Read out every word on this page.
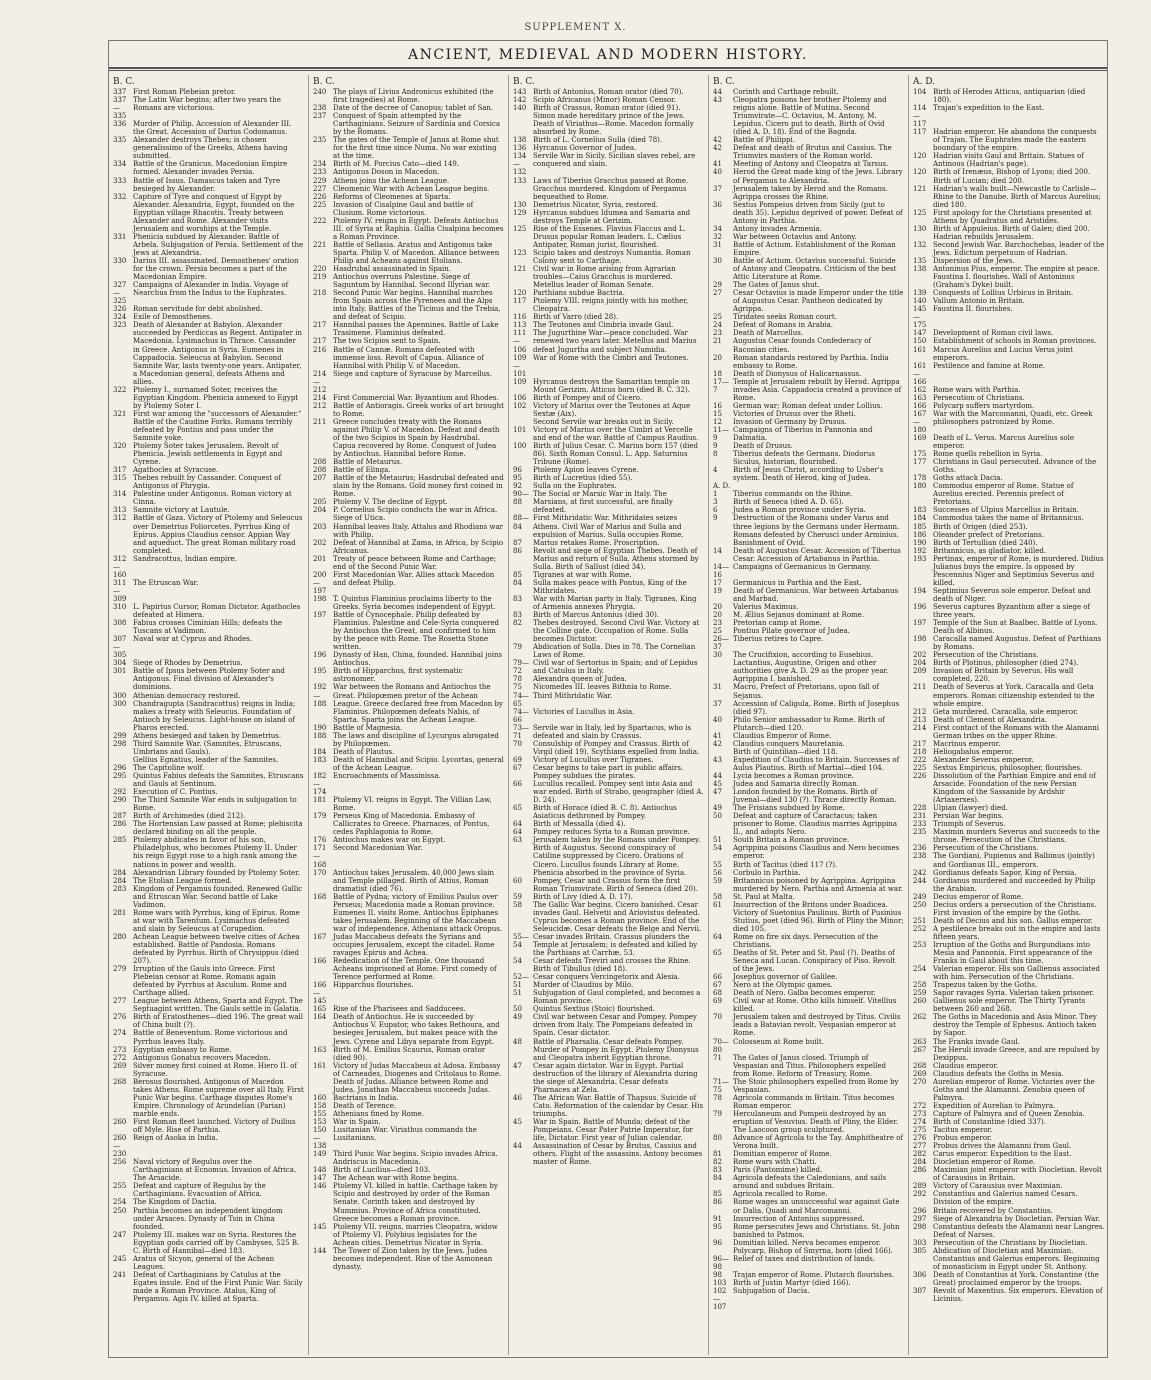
SUPPLEMENT X.
ANCIENT, MEDIEVAL AND MODERN HISTORY.
B. C.
337 First Roman Plebeian pretor.
337—335
The Latin War begins; after two years the Romans are victorious.
336 Murder of Philip. Accession of Alexander III. the Great. Accession of Darius Codomanus.
335 Alexander destroys Thebes; is chosen generalissimo of the Greeks, Athens having submitted.
334 Battle of the Granicus. Macedonian Empire formed. Alexander invades Persia.
333 Battle of Issus. Damascus taken and Tyre besieged by Alexander.
332 Capture of Tyre and conquest of Egypt by Alexander. Alexandria, Egypt, founded on the Egyptian village Rhacotis. Treaty between Alexander and Rome. Alexander visits Jerusalem and worships at the Temple.
331 Phenicia subdued by Alexander. Battle of Arbela. Subjugation of Persia. Settlement of the Jews at Alexandria.
330 Darius III. assassinated. Demosthenes' oration for the crown. Persia becomes a part of the Macedonian Empire.
327—325
Campaigns of Alexander in India. Voyage of Nearchus from the Indus to the Euphrates.
326 Roman servitude for debt abolished.
324 Exile of Demosthenes.
323 Death of Alexander at Babylon. Alexander succeeded by Perdiccas as Regent. Antipater in Macedonia. Lysimachus in Thrace. Cassander in Greece. Antigonus in Syria. Eumenes in Cappadocia. Seleucus at Babylon. Second Samnite War, lasts twenty-one years. Antipater, a Macedonian general, defeats Athens and allies.
322 Ptolemy I., surnamed Soter, receives the Egyptian Kingdom. Phenicia annexed to Egypt by Ptolemy Soter I.
321 First war among the "successors of Alexander." Battle of the Caudine Forks. Romans terribly defeated by Pontius and pass under the Samnite yoke.
320 Ptolemy Soter takes Jerusalem. Revolt of Phenicia. Jewish settlements in Egypt and Cyrene.
317 Agathocles at Syracuse.
315 Thebes rebuilt by Cassander. Conquest of Antigonus of Phrygia.
314 Palestine under Antigonus. Roman victory at Cinna.
313 Samnite victory at Lautule.
312 Battle of Gaza. Victory of Ptolemy and Seleucus over Demetrius Poliorcetes. Pyrrhus King of Epirus. Appius Claudius censor. Appian Way and aqueduct. The great Roman military road completed.
312—160
Sandracottus, Indian empire.
311—309
The Etruscan War.
310 L. Papirius Cursor, Roman Dictator. Agathocles defeated at Himera.
308 Fabius crosses Ciminian Hills; defeats the Tuscans at Vadimon.
307—305
Naval war at Cyprus and Rhodes.
304 Siege of Rhodes by Demetrius.
301 Battle of Ipsus between Ptolemy Soter and Antigonus. Final division of Alexander's dominions.
300 Athenian democracy restored.
300 Chandragupta (Sandracottus) reigns in India; makes a treaty with Seleucus. Foundation of Antioch by Seleucus. Light-house on island of Pharos erected.
299 Athens besieged and taken by Demetrius.
298 Third Samnite War. (Samnites, Etruscans, Umbrians and Gauls).
Gellius Egnatius, leader of the Samnites.
296 The Capitoline wolf.
295 Quintus Fabius defeats the Samnites, Etruscans and Gauls at Sentinum.
292 Execution of C. Pontius.
290 The Third Samnite War ends in subjugation to Rome.
287 Birth of Archimedes (died 212).
286 The Hortensian Law passed at Rome; plebiscita declared binding on all the people.
285 Ptolemy abdicates in favor of his son, Philadelphus, who becomes Ptolemy II. Under his reign Egypt rose to a high rank among the nations in power and wealth.
284 Alexandrian Library founded by Ptolemy Soter.
284 The Etolian League formed.
283 Kingdom of Pergamus founded. Renewed Gallic and Etruscan War. Second battle of Lake Vadimon.
281 Rome wars with Pyrrhus, king of Epirus. Rome at war with Tarentum. Lysimachus defeated and slain by Seleucus at Corupedion.
280 Achean League between twelve cities of Achea established. Battle of Pandosia. Romans defeated by Pyrrhus. Birth of Chrysippus (died 207).
279 Irruption of the Gauls into Greece. First Plebeian censor at Rome. Romans again defeated by Pyrrhus at Asculum. Rome and Carthage allied.
277 League between Athens, Sparta and Egypt. The Septuagint written. The Gauls settle in Galatia.
276 Birth of Eratosthenes—died 196. The great wall of China built (?).
274 Battle of Beneventum. Rome victorious and Pyrrhus leaves Italy.
273 Egyptian embassy to Rome.
272 Antigonus Gonatus recovers Macedon.
269 Silver money first coined at Rome. Hiero II. of Syracuse.
268 Berosus flourished. Antigonus of Macedon takes Athens. Rome supreme over all Italy. First Punic War begins. Carthage disputes Rome's Empire. Chronology of Arundelian (Parian) marble ends.
260 First Roman fleet launched. Victory of Duilius off Myle. Rise of Parthia.
260—230
Reign of Asoka in India.
256 Naval victory of Regulus over the Carthaginians at Ecnomus. Invasion of Africa. The Arsacide.
255 Defeat and capture of Regulus by the Carthaginians. Evacuation of Africa.
254 The Kingdom of Dactia.
250 Parthia becomes an independent kingdom under Arsaces. Dynasty of Tsin in China founded.
247 Ptolemy III. makes war on Syria. Restores the Egyptian gods carried off by Cambyses, 525 B. C. Birth of Hannibal—died 183.
245 Aratus of Sicyon, general of the Achean Leagues.
241 Defeat of Carthaginians by Catulus at the Egates insule. End of the First Punic War. Sicily made a Roman Province. Atalus, King of Pergamus. Agis IV. killed at Sparta.
B. C.
240 The plays of Livius Andronicus exhibited (the first tragedies) at Rome.
238 Date of the decree of Canopus; tablet of San.
237 Conquest of Spain attempted by the Carthaginians. Seizure of Sardinia and Corsica by the Romans.
235 The gates of the Temple of Janus at Rome shut for the first time since Numa. No war existing at the time.
234 Birth of M. Porcius Cato—died 149.
233 Antigonus Doson in Macedon.
229 Athens joins the Achean League.
227 Cleomenic War with Achean League begins.
226 Reforms of Cleomenes at Sparta.
225 Invasion of Cisalpine Gaul and battle of Clusium. Rome victorious.
222 Ptolemy IV. reigns in Egypt. Defeats Antiochus III. of Syria at Raphia. Gallia Cisalpina becomes a Roman Province.
221 Battle of Sellasia. Aratus and Antigonus take Sparta. Philip V. of Macedon. Alliance between Philip and Acheans against Etolians.
220 Hasdrubal assassinated in Spain.
219 Antiochus overruns Palestine. Siege of Saguntum by Hannibal. Second Illyrian war.
218 Second Punic War begins. Hannibal marches from Spain across the Pyrenees and the Alps into Italy. Battles of the Ticinus and the Trebia, and defeat of Scipio.
217 Hannibal passes the Apennines. Battle of Lake Trasimene. Flaminius defeated.
217 The two Scipios sent to Spain.
216 Battle of Cannæ. Romans defeated with immense loss. Revolt of Capua. Alliance of Hannibal with Philip V. of Macedon.
214—212
Siege and capture of Syracuse by Marcellus.
214 First Commercial War. Byzantium and Rhodes.
212 Battle of Antioragis. Greek works of art brought to Rome.
211 Greece concludes treaty with the Romans against Philip V. of Macedon. Defeat and death of the two Scipios in Spain by Hasdrubal. Capua recovered by Rome. Conquest of Judea by Antiochus. Hannibal before Rome.
208 Battle of Metaurus.
208 Battle of Elinga.
207 Battle of the Metaurus; Hasdrubal defeated and slain by the Romans. Gold money first coined in Rome.
205 Ptolemy V. The decline of Egypt.
204 P. Cornelius Scipio conducts the war in Africa. Siege of Utica.
203 Hannibal leaves Italy. Attalus and Rhodians war with Philip.
202 Defeat of Hannibal at Zama, in Africa, by Scipio Africanus.
201 Treaty of peace between Rome and Carthage; end of the Second Punic War.
200—197
First Macedonian War. Allies attack Macedon and defeat Philip.
198 T. Quintus Flaminius proclaims liberty to the Greeks. Syria becomes independent of Egypt.
197 Battle of Cynocephale. Philip defeated by Flaminius. Palestine and Cele-Syria conquered by Antiochus the Great, and confirmed to him by the peace with Rome. The Rosetta Stone written.
196 Dynasty of Han, China, founded. Hannibal joins Antiochus.
195 Birth of Hipparchus, first systematic astronomer.
192—188
War between the Romans and Antiochus the Great. Philopœmen pretor of the Achean League. Greece declared free from Macedon by Flaminius. Philopœmen defeats Nabis, of Sparta. Sparta joins the Achean League.
190 Battle of Magnesia.
188 The laws and discipline of Lycurgus abrogated by Philopœmen.
184 Death of Plautus.
183 Death of Hannibal and Scipio. Lycortas, general of the Achean League.
182—174
Encroachments of Massinissa.
181 Ptolemy VI. reigns in Egypt. The Villian Law, Rome.
179 Perseus King of Macedonia. Embassy of Callicrates to Greece. Pharnaces, of Pontus, cedes Paphlagonia to Rome.
176 Antiochus makes war on Egypt.
171—168
Second Macedonian War.
170 Antiochus takes Jerusalem. 40,000 Jews slain and Temple pillaged. Birth of Attius, Roman dramatist (died 76).
168 Battle of Pydna; victory of Emilius Paulus over Perseus; Macedonia made a Roman province. Eumenes II. visits Rome. Antiochus Epiphanes takes Jerusalem. Beginning of the Maccabean war of independence. Athenians attack Oropus.
167 Judas Maccabeus defeats the Syrians and occupies Jerusalem, except the citadel. Rome ravages Epirus and Achea.
166 Rededication of the Temple. One thousand Acheans imprisoned at Rome. First comedy of Terence performed at Rome.
166—145
Hipparchus flourishes.
165 Rise of the Pharisees and Sadducees.
164 Death of Antiochus. He is succeeded by Antiochus V. Eupator, who takes Bethoura, and besieges Jerusalem, but makes peace with the Jews. Cyrene and Libya separate from Egypt.
163 Birth of M. Emilius Scaurus, Roman orator (died 90).
161 Victory of Judas Maccabeus at Adosa. Embassy of Carneades, Diogenes and Critolaus to Rome. Death of Judas. Alliance between Rome and Judea. Jonathan Maccabeus succeeds Judas.
160 Bactrians in India.
158 Death of Terence.
155 Athenians fined by Rome.
153 War in Spain.
150—138
Lusitanian War. Viriathus commands the Lusitanians.
149 Third Punic War begins. Scipio invades Africa. Andriscus in Macedonia.
148 Birth of Lucilius—died 103.
147 The Achean war with Rome begins.
146 Ptolemy VI. killed in battle. Carthage taken by Scipio and destroyed by order of the Roman Senate. Corinth taken and destroyed by Mummius. Province of Africa constituted. Greece becomes a Roman province.
145 Ptolemy VII. reigns, marries Cleopatra, widow of Ptolemy VI. Polybius legislates for the Achean cities. Demetrius Nicator in Syria.
144 The Tower of Zion taken by the Jews. Judea becomes independent. Rise of the Asmonean dynasty.
B. C.
143 Birth of Antonius, Roman orator (died 70).
142 Scipio Africanus (Minor) Roman Censor.
140 Birth of Crassus, Roman orator (died 91). Simon made hereditary prince of the Jews. Death of Viriathus—Rome. Macedon formally absorbed by Rome.
138 Birth of L. Cornelius Sulla (died 78).
136 Hyrcanus Governor of Judea.
134—132
Servile War in Sicily. Sicilian slaves rebel, are conquered and slain.
133 Laws of Tiberius Gracchus passed at Rome. Gracchus murdered. Kingdom of Pergamus bequeathed to Rome.
130 Demetrius Nicator, Syria, restored.
129 Hyrcanus subdues Idumea and Samaria and destroys Temple at Gerizim.
125 Rise of the Essenes. Flavius Flaccus and L. Drusus popular Roman leaders. L. Cælius Antipater, Roman jurist, flourished.
123 Scipio takes and destroys Numantia. Roman Colony sent to Carthage.
121 Civil war in Rome arising from Agrarian troubles—Caius Gracchus is murdered. Metellus leader of Roman Senate.
120 Parthians subdue Bactria.
117 Ptolemy VIII. reigns jointly with his mother, Cleopatra.
116 Birth of Varro (died 28).
113 The Teutones and Cimbria invade Gaul.
111—106
The Jugurthine War—peace concluded. War renewed two years later. Metellus and Marius defeat Jugurtha and subject Numidia.
109—101
War of Rome with the Cimbri and Teutones.
109 Hyrcanus destroys the Samaritan temple on Mount Gerizim. Atticus born (died B. C. 32).
106 Birth of Pompey and of Cicero.
102 Victory of Marius over the Teutones at Aque Sextæ (Aix).
Second Servile war breaks out in Sicily.
101 Victory of Marius over the Cimbri at Vercelle and end of the war. Battle of Campus Raudius.
100 Birth of Julius Cesar. C. Marius born 157 (died 86). Sixth Roman Consul. L. App. Saturnius Tribune (Rome).
96	Ptolemy Apion leaves Cyrene.
95	Birth of Lucretius (died 55).
92	Sulla on the Euphrates.
90—88
The Social or Marsic War in Italy. The Marsians, at first successful, are finally defeated.
88—84
First Mithridatic War. Mithridates seizes Athens. Civil War of Marius and Sulla and expulsion of Marius. Sulla occupies Rome.
87	Marius retakes Rome. Proscription.
86	Revolt and siege of Egyptian Thebes. Death of Marius and return of Sulla. Athens stormed by Sulla. Birth of Sallust (died 34).
85	Tigranes at war with Rome.
84	Sulla makes peace with Pontus, King of the Mithridates.
83	War with Marian party in Italy. Tigranes, King of Armenia annexes Phrygia.
83	Birth of Marcus Antonius (died 30).
82	Thebes destroyed. Second Civil War. Victory at the Colline gate. Occupation of Rome. Sulla becomes Dictator.
79	Abdication of Sulla. Dies in 78. The Cornelian Laws of Rome.
79—72
Civil war of Sertorius in Spain; and of Lepidus and Catulus in Italy.
78	Alexandra queen of Judea.
75	Nicomedes III. leaves Bithnia to Rome.
74—65
Third Mithridatic War.
74—66
Victories of Lucullus in Asia.
73—71
Servile war in Italy, led by Spartacus, who is defeated and slain by Crassus.
70	Consulship of Pompey and Crassus. Birth of Virgil (died 19). Scythians expelled from India.
69	Victory of Lucullus over Tigranes.
67	Cesar begins to take part in public affairs. Pompey subdues the pirates.
66	Lucullus recalled. Pompey sent into Asia and war ended. Birth of Strabo, geographer (died A. D. 24).
65	Birth of Horace (died B. C. 8). Antiochus Asiaticus dethroned by Pompey.
64	Birth of Messalla (died 4).
64	Pompey reduces Syria to a Roman province.
63	Jerusalem taken by the Romans under Pompey. Birth of Augustus. Second conspiracy of Catiline suppressed by Cicero. Orations of Cicero. Lucullus founds Library at Rome. Phenicia absorbed in the province of Syria.
60	Pompey, Cesar and Crassus form the first Roman Triumvirate. Birth of Seneca (died 20).
59	Birth of Livy (died A. D. 17).
58	The Gallic War begins. Cicero banished. Cesar invades Gaul. Helvetii and Ariovistus defeated. Cyprus becomes a Roman province. End of the Seleucidæ. Cesar defeats the Belge and Nervii.
55—54
Cesar invades Britain. Crassus plunders the Temple at Jerusalem; is defeated and killed by the Parthians at Carrhæ, 53.
54	Cesar defeats Treviri and crosses the Rhine. Birth of Tibullus (died 18).
52—51
Cesar conquers Vercingetorix and Alesia. Murder of Claudius by Milo.
51	Subjugation of Gaul completed, and becomes a Roman province.
50	Quintus Sextius (Stoic) flourished.
49	Civil war between Cesar and Pompey. Pompey driven from Italy. The Pompeians defeated in Spain. Cesar dictator.
48	Battle of Pharsalia. Cesar defeats Pompey. Murder of Pompey in Egypt. Ptolemy Dionysus and Cleopatra inherit Egyptian throne.
47	Cesar again dictator. War in Egypt. Partial destruction of the library of Alexandria during the siege of Alexandria. Cesar defeats Pharnaces at Zela.
46	The African War. Battle of Thapsus. Suicide of Cato. Reformation of the calendar by Cesar. His triumphs.
45	War in Spain. Battle of Munda; defeat of the Pompeians. Cesar Pater Patrie Imperator, for life, Dictator. First year of Julian calendar.
44	Assassination of Cesar by Brutus, Cassius and others. Flight of the assassins. Antony becomes master of Rome.
B. C.
44	Corinth and Carthage rebuilt.
43	Cleopatra poisons her brother Ptolemy and reigns alone. Battle of Mutina. Second Triumvirate—C. Octavius, M. Antony, M. Lepidus. Cicero put to death. Birth of Ovid (died A. D. 18). End of the Bagnda.
42	Battle of Philippi.
42	Defeat and death of Brutus and Cassius. The Triumvirs masters of the Roman world.
41	Meeting of Antony and Cleopatra at Tarsus.
40	Herod the Great made king of the Jews. Library of Pergamus to Alexandria.
37	Jerusalem taken by Herod and the Romans. Agrippa crosses the Rhine.
36	Sextus Pompeius driven from Sicily (put to death 35). Lepidus deprived of power. Defeat of Antony in Parthia.
34	Antony invades Armenia.
32	War between Octavius and Antony.
31	Battle of Actium. Establishment of the Roman Empire.
30	Battle of Actium. Octavius successful. Suicide of Antony and Cleopatra. Criticism of the best Attic Literature at Rome.
29	The Gates of Janus shut.
27	Cesar Octavius is made Emperor under the title of Augustus Cesar. Pantheon dedicated by Agrippa.
25	Tiridates seeks Roman court.
24	Defeat of Romans in Arabia.
23	Death of Marcellus.
21	Augustus Cesar founds Confederacy of Raconian cities.
20	Roman standards restored by Parthia. India embassy to Rome.
18	Death of Dionysus of Halicarnassus.
17—7
Temple at Jerusalem rebuilt by Herod. Agrippa invades Asia. Cappadocia created a province of Rome.
16	German war; Roman defeat under Lollius.
15	Victories of Drusus over the Rheti.
12	Invasion of Germany by Drusus.
11—9
Campaigns of Tiberius in Pannonia and Dalmatia.
9	Death of Drusus.
8	Tiberius defeats the Germans. Diodorus Siculus, historian, flourished.
4	Birth of Jesus Christ, according to Usher's system. Death of Herod, king of Judea.
A. D.
1	Tiberius commands on the Rhine.
3	Birth of Seneca (died A. D. 65).
6	Judea a Roman province under Syria.
9	Destruction of the Romans under Varus and three legions by the Germans under Hermann. Romans defeated by Cherusci under Arminius. Banishment of Ovid.
14	Death of Augustus Cesar. Accession of Tiberius Cesar. Accession of Artabanus in Parthia.
14—16
Campaigns of Germanicus in Germany.
17	Germanicus in Parthia and the East.
19	Death of Germanicus. War between Artabanus and Marbad.
20	Valerius Maximus.
20	M. Ælius Sejanus dominant at Rome.
23	Pretorian camp at Rome.
25	Pontius Pilate governor of Judea.
26—37
Tiberius retires to Capre.
30	The Crucifixion, according to Eusebius. Lactantius, Augustine, Origen and other authorities give A. D. 29 as the proper year. Agrippina I. banished.
31	Macro, Prefect of Pretorians, upon fall of Sejanus.
37	Accession of Caligula, Rome. Birth of Josephus (died 97).
40	Philo Senior ambassador to Rome. Birth of Plutarch—died 120.
41	Claudius Emperor of Rome.
42	Claudius conquers Mauretania.
Birth of Quintilian—died 118.
43	Expedition of Claudius to Britain. Successes of Aulus Plautius. Birth of Martial—died 104.
44	Lycia becomes a Roman province.
45	Judea and Samaria directly Roman.
47	London founded by the Romans. Birth of Juvenal—died 130 (?). Thrace directly Roman.
49	The Frisians subdued by Rome.
50	Defeat and capture of Caractacus; taken prisoner to Rome. Claudius marries Agrippina II., and adopts Nero.
51	South Britain a Roman province.
54	Agrippina poisons Claudius and Nero becomes emperor.
55	Birth of Tacitus (died 117 (?).
56	Corbulo in Parthia.
59	Britannicus poisoned by Agrippina. Agrippina murdered by Nero. Parthia and Armenia at war.
58	St. Paul at Malta.
61	Insurrection of the Britons under Boadicea. Victory of Suetonius Paulinus. Birth of Pusinius Stutius, poet (died 96). Birth of Pliny the Minor; died 105.
64	Rome on fire six days. Persecution of the Christians.
65	Deaths of St. Peter and St. Paul (?). Deaths of Seneca and Lucan. Conspiracy of Piso. Revolt of the Jews.
66	Josephus governor of Galilee.
67	Nero at the Olympic games.
68	Death of Nero. Galba becomes emperor.
69	Civil war at Rome. Otho kills himself. Vitellius killed.
70	Jerusalem taken and destroyed by Titus. Civilis leads a Batavian revolt. Vespasian emperor at Rome.
70—80
Colosseum at Rome built.
71	The Gates of Janus closed. Triumph of Vespasian and Titus. Philosophers expelled from Rome. Reform of Treasury, Rome.
71—75
The Stoic philosophers expelled from Rome by Vespasian.
78	Agricola commands in Britain. Titus becomes Roman emperor.
79	Herculaneum and Pompeii destroyed by an eruption of Vesuvius. Death of Pliny, the Elder. The Laocoon group sculptured.
80	Advance of Agricola to the Tay. Amphitheatre of Verona built.
81	Domitian emperor of Rome.
82	Rome wars with Chatti.
83	Paris (Pantomime) killed.
84	Agricola defeats the Caledonians, and sails around and subdues Britain.
85	Agricola recalled to Rome.
86	Rome wages an unsuccessful war against Gate or Dalia. Quadi and Marcomanni.
91	Insurrection of Antonius suppressed.
95	Rome persecutes Jews and Christians. St. John banished to Patmos.
96	Domitian killed. Nerva becomes emperor. Polycarp, Bishop of Smyrna, born (died 166).
96—98
Relief of taxes and distribution of lands.
98	Trajan emperor of Rome. Plutarch flourishes.
103 Birth of Justin Martyr (died 166).
102—107
Subjugation of Dacia.
A. D.
104 Birth of Herodes Atticus, antiquarian (died 180).
114—117
Trajan's expedition to the East.
117 Hadrian emperor. He abandons the conquests of Trajan. The Euphrates made the eastern boundary of the empire.
120 Hadrian visits Gaul and Britain. Statues of Antinous (Hadrian's page).
120 Birth of Irenæus, Bishop of Lyons; died 200. Birth of Lucian; died 200.
121 Hadrian's walls built—Newcastle to Carlisle—Rhine to the Danube. Birth of Marcus Aurelius; died 180.
125 First apology for the Christians presented at Athens by Quadratus and Aristides.
130 Birth of Appuleius. Birth of Galen; died 200. Hadrian rebuilds Jerusalem.
132 Second Jewish War. Barchochebas, leader of the Jews. Edictum perpetuum of Hadrian.
135 Dispersion of the Jews.
138 Antoninus Pius, emperor. The empire at peace. Faustina I. flourishes. Wall of Antoninus (Graham's Dyke) built.
139 Conquests of Lollius Urbicus in Britain.
140 Vallum Antonio in Britain.
145—175
Faustina II. flourishes.
147 Development of Roman civil laws.
150 Establishment of schools in Roman provinces.
161 Marcus Aurelius and Lucius Verus joint emperors.
161—166
Pestilence and famine at Rome.
162 Rome wars with Parthia.
163 Persecution of Christians.
166 Polycarp suffers martyrdom.
167—180
War with the Marcomanni, Quadi, etc. Greek philosophers patronized by Rome.
169 Death of L. Verus. Marcus Aurelius sole emperor.
175 Rome quells rebellion in Syria.
177 Christians in Gaul persecuted. Advance of the Goths.
178 Goths attack Dacia.
180 Commodus emperor of Rome. Statue of Aurelius erected. Perennis prefect of Pretorians.
183 Successes of Ulpius Marcellus in Britain.
184 Commodus takes the name of Britannicus.
185 Birth of Origen (died 253).
186 Oleander prefect of Pretorians.
190 Birth of Tertullian (died 240).
192 Britannicus, as gladiator, killed.
193 Pertinax, emperor of Rome, is murdered. Didius Julianus buys the empire. Is opposed by Pescennius Niger and Septimius Severus and killed.
194 Septimius Severus sole emperor. Defeat and death of Niger.
196 Severus captures Byzantium after a siege of three years.
197 Temple of the Sun at Baalbec. Battle of Lyons. Death of Albinus.
198 Caracalla named Augustus. Defeat of Parthians by Romans.
202 Persecution of the Christians.
204 Birth of Plotinus, philosopher (died 274).
209 Invasion of Britain by Severus. His wall completed, 220.
211 Death of Severus at York. Caracalla and Geta emperors. Roman citizenship extended to the whole empire.
212 Geta murdered. Caracalla, sole emperor.
213 Death of Clement of Alexandria.
214 First contact of the Romans with the Alamanni German tribes on the upper Rhine.
217 Macrinus emperor.
218 Heliogabalus emperor.
222 Alexander Severus emperor.
225 Sextus Empiricus, philosopher, flourishes.
226 Dissolution of the Parthian Empire and end of Arsacide. Foundation of the new Persian Kingdom of the Sassanide by Ardshir (Artaxerxes).
228 Ulpian (lawyer) died.
231 Persian War begins.
233 Triumph of Severus.
235 Maximin murders Severus and succeeds to the throne. Persecution of the Christians.
236 Persecution of the Christians.
238 The Gordiani, Pupienus and Balbinus (jointly) and Gordianus III., emperors.
242 Gordianus defeats Sapor, King of Persia.
244 Gordianus murdered and succeeded by Philip the Arabian.
249 Decius emperor of Rome.
250 Decius orders a persecution of the Christians. First invasion of the empire by the Goths.
251 Death of Decius and his son. Gallus emperor.
252 A pestilence breaks out in the empire and lasts fifteen years.
253 Irruption of the Goths and Burgundians into Mesia and Pannonia. First appearance of the Franks in Gaul about this time.
254 Valerian emperor. His son Gallienus associated with him. Persecution of the Christians.
258 Trapezus taken by the Goths.
259 Sapor ravages Syria. Valerian taken prisoner.
260 Gallienus sole emperor. The Thirty Tyrants between 260 and 268.
262 The Goths in Macedonia and Asia Minor. They destroy the Temple of Ephesus. Antioch taken by Sapor.
263 The Franks invade Gaul.
267 The Heruli invade Greece, and are repulsed by Dexippus.
268 Claudius emperor.
269 Claudius defeats the Goths in Mesia.
270 Aurelian emperor of Rome. Victories over the Goths and the Alamanni. Zenobia queen of Palmyra.
272 Expedition of Aurelian to Palmyra.
273 Capture of Palmyra and of Queen Zenobia.
274 Birth of Constantine (died 337).
275 Tacitus emperor.
276 Probus emperor.
277 Probus drives the Alamanni from Gaul.
282 Carus emperor. Expedition to the East.
284 Diocletian emperor of Rome.
286 Maximian joint emperor with Diocletian. Revolt of Carausius in Britain.
289 Victory of Carausius over Maximian.
292 Constantius and Galerius named Cesars. Division of the empire.
296 Britain recovered by Constantius.
297 Siege of Alexandria by Diocletian. Persian War.
298 Constantius defeats the Alamanni near Langres. Defeat of Narses.
303 Persecution of the Christians by Diocletian.
305 Abdication of Diocletian and Maximian. Constantius and Galerius emperors. Beginning of monasticism in Egypt under St. Anthony.
306 Death of Constantius at York. Constantine (the Great) proclaimed emperor by the troops.
307 Revolt of Maxentius. Six emperors. Elevation of Licinius.
